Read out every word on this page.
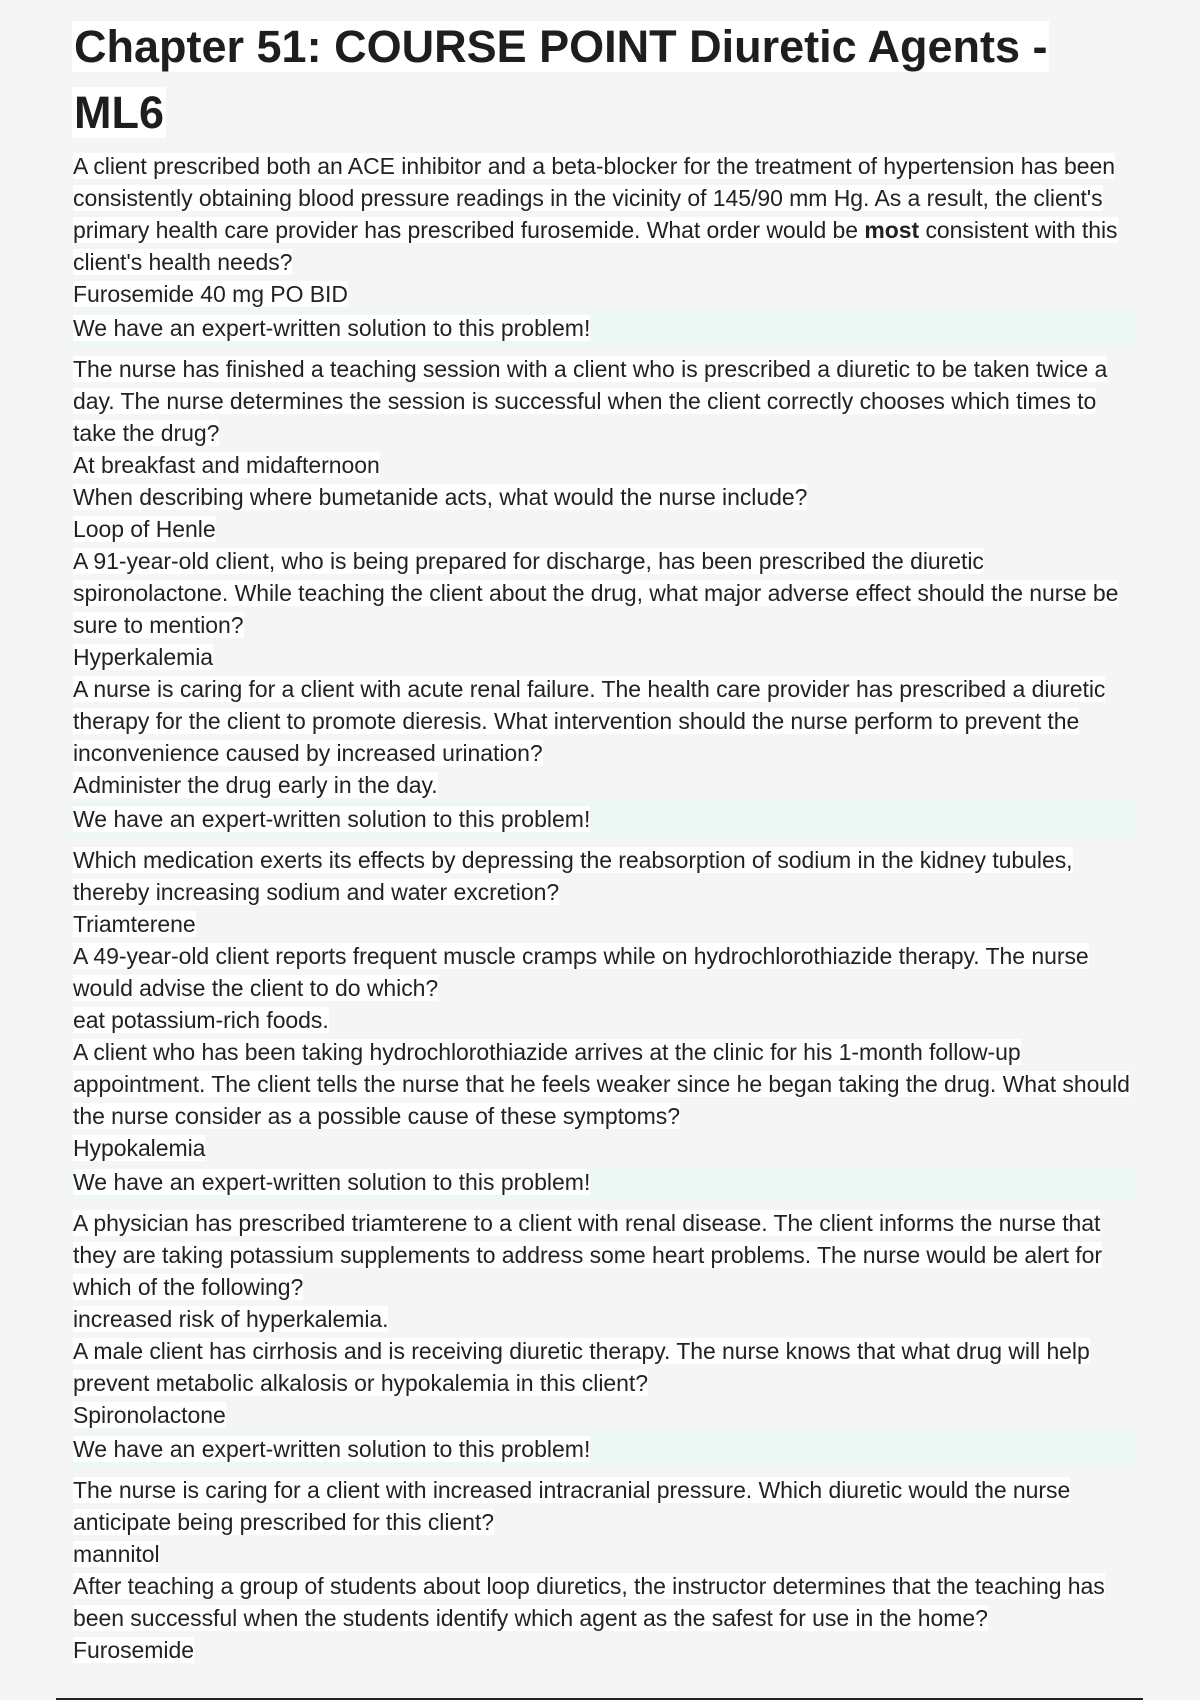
Chapter 51: COURSE POINT Diuretic Agents - ML6
A client prescribed both an ACE inhibitor and a beta-blocker for the treatment of hypertension has been consistently obtaining blood pressure readings in the vicinity of 145/90 mm Hg. As a result, the client's primary health care provider has prescribed furosemide. What order would be most consistent with this client's health needs?
Furosemide 40 mg PO BID
We have an expert-written solution to this problem!
The nurse has finished a teaching session with a client who is prescribed a diuretic to be taken twice a day. The nurse determines the session is successful when the client correctly chooses which times to take the drug?
At breakfast and midafternoon
When describing where bumetanide acts, what would the nurse include?
Loop of Henle
A 91-year-old client, who is being prepared for discharge, has been prescribed the diuretic spironolactone. While teaching the client about the drug, what major adverse effect should the nurse be sure to mention?
Hyperkalemia
A nurse is caring for a client with acute renal failure. The health care provider has prescribed a diuretic therapy for the client to promote dieresis. What intervention should the nurse perform to prevent the inconvenience caused by increased urination?
Administer the drug early in the day.
We have an expert-written solution to this problem!
Which medication exerts its effects by depressing the reabsorption of sodium in the kidney tubules, thereby increasing sodium and water excretion?
Triamterene
A 49-year-old client reports frequent muscle cramps while on hydrochlorothiazide therapy. The nurse would advise the client to do which?
eat potassium-rich foods.
A client who has been taking hydrochlorothiazide arrives at the clinic for his 1-month follow-up appointment. The client tells the nurse that he feels weaker since he began taking the drug. What should the nurse consider as a possible cause of these symptoms?
Hypokalemia
We have an expert-written solution to this problem!
A physician has prescribed triamterene to a client with renal disease. The client informs the nurse that they are taking potassium supplements to address some heart problems. The nurse would be alert for which of the following?
increased risk of hyperkalemia.
A male client has cirrhosis and is receiving diuretic therapy. The nurse knows that what drug will help prevent metabolic alkalosis or hypokalemia in this client?
Spironolactone
We have an expert-written solution to this problem!
The nurse is caring for a client with increased intracranial pressure. Which diuretic would the nurse anticipate being prescribed for this client?
mannitol
After teaching a group of students about loop diuretics, the instructor determines that the teaching has been successful when the students identify which agent as the safest for use in the home?
Furosemide
